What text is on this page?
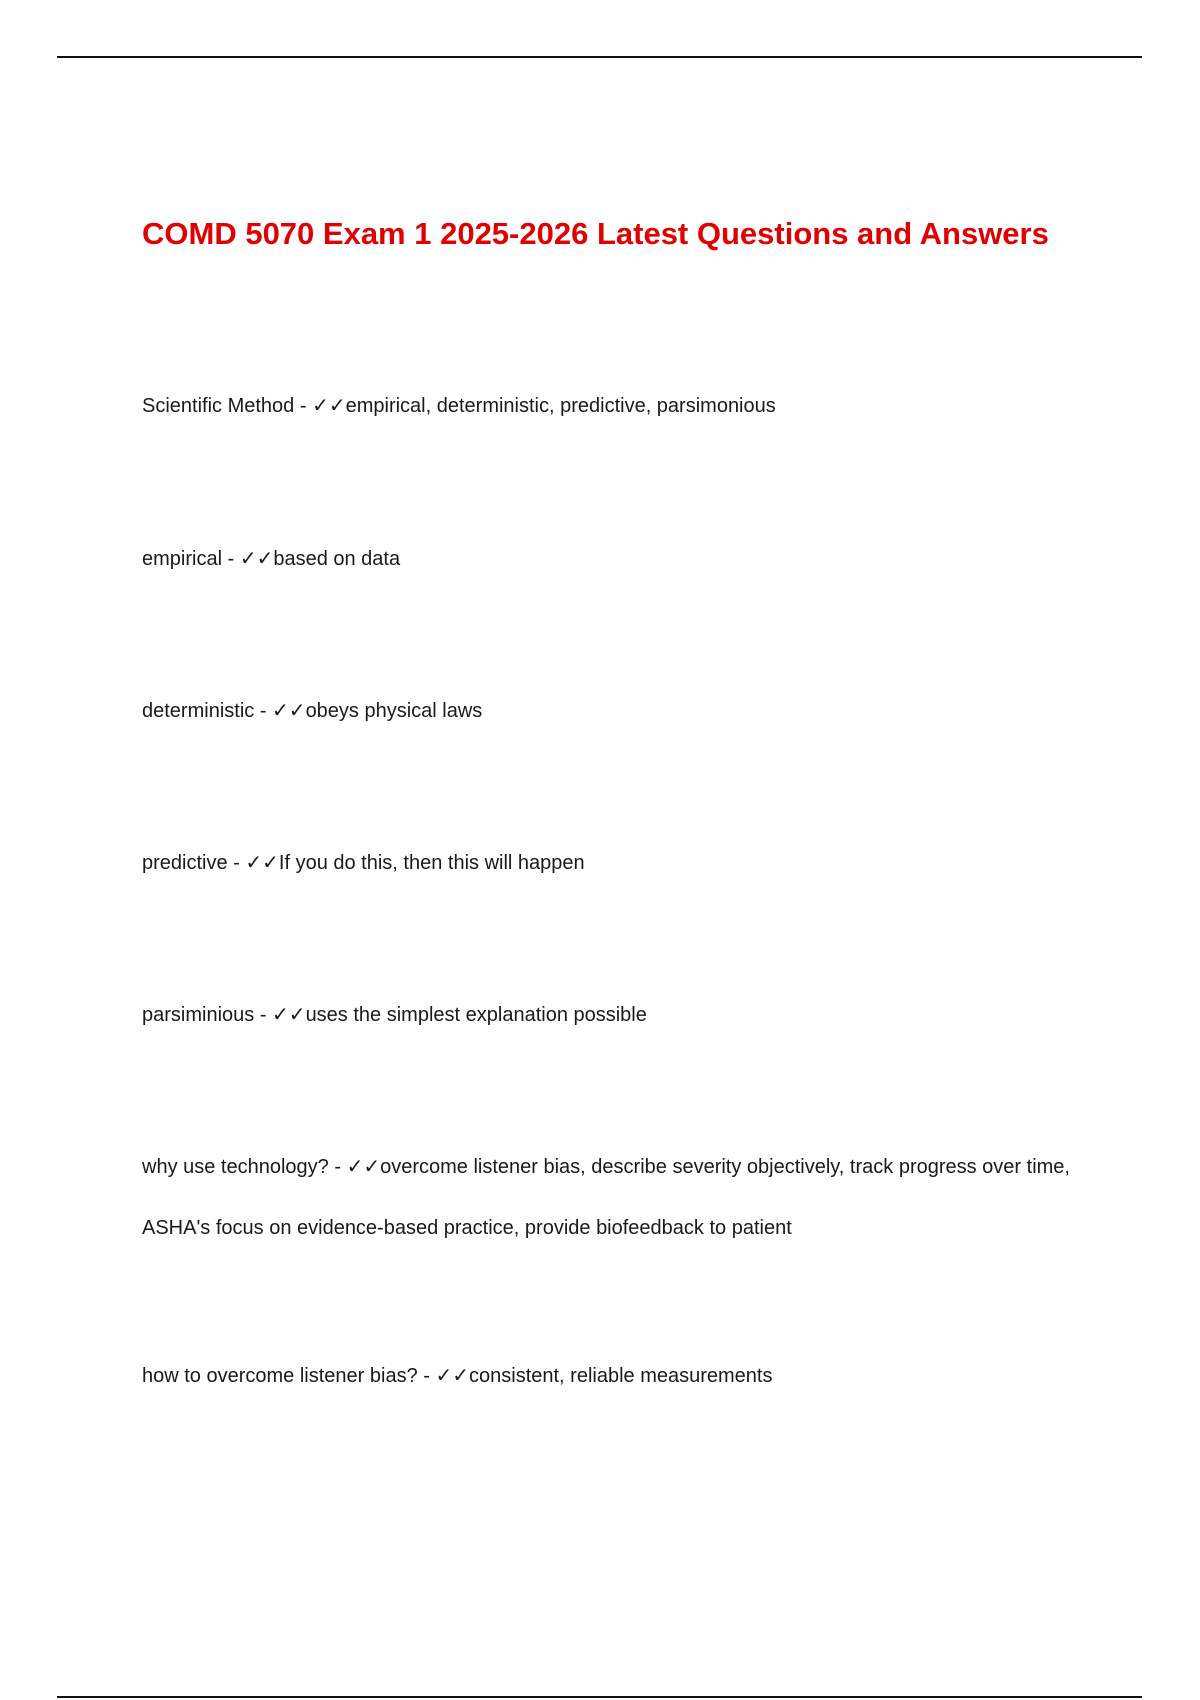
COMD 5070 Exam 1 2025-2026 Latest Questions and Answers

Scientific Method - ✓✓empirical, deterministic, predictive, parsimonious

empirical - ✓✓based on data

deterministic - ✓✓obeys physical laws

predictive - ✓✓If you do this, then this will happen

parsiminious - ✓✓uses the simplest explanation possible

why use technology? - ✓✓overcome listener bias, describe severity objectively, track progress over time, ASHA's focus on evidence-based practice, provide biofeedback to patient

how to overcome listener bias? - ✓✓consistent, reliable measurements
